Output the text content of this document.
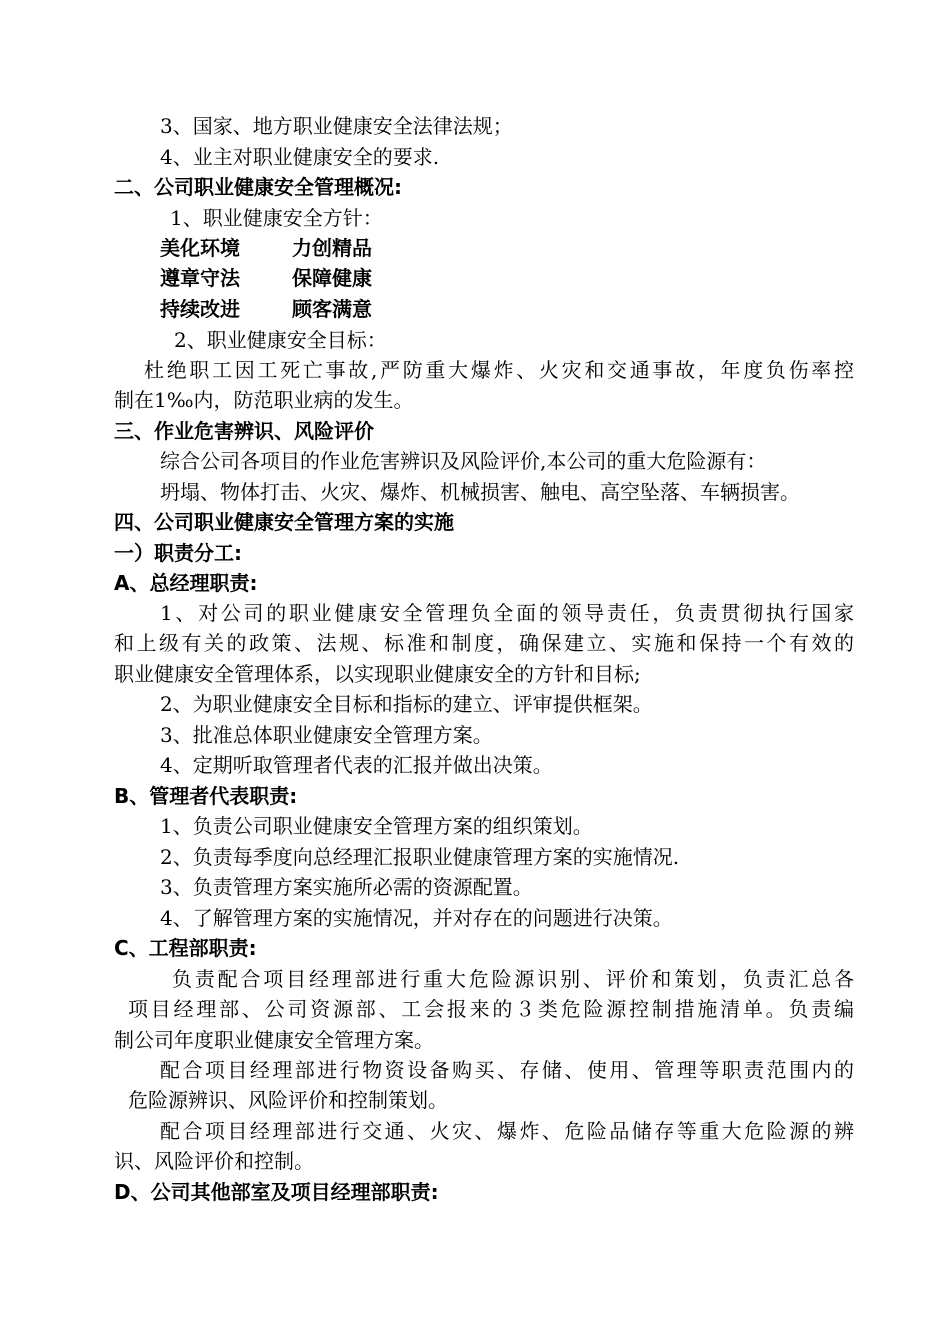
3、国家、地方职业健康安全法律法规；
4、业主对职业健康安全的要求.
二、公司职业健康安全管理概况:
1、职业健康安全方针：
美化环境	力创精品
遵章守法	保障健康
持续改进	顾客满意
2、职业健康安全目标：
杜绝职工因工死亡事故,严防重大爆炸、火灾和交通事故，年度负伤率控
制在1‰内，防范职业病的发生。
三、作业危害辨识、风险评价
综合公司各项目的作业危害辨识及风险评价,本公司的重大危险源有：
坍塌、物体打击、火灾、爆炸、机械损害、触电、高空坠落、车辆损害。
四、公司职业健康安全管理方案的实施
一）职责分工:
A、总经理职责:
1、对公司的职业健康安全管理负全面的领导责任，负责贯彻执行国家
和上级有关的政策、法规、标准和制度，确保建立、实施和保持一个有效的
职业健康安全管理体系，以实现职业健康安全的方针和目标;
2、为职业健康安全目标和指标的建立、评审提供框架。
3、批准总体职业健康安全管理方案。
4、定期听取管理者代表的汇报并做出决策。
B、管理者代表职责:
1、负责公司职业健康安全管理方案的组织策划。
2、负责每季度向总经理汇报职业健康管理方案的实施情况.
3、负责管理方案实施所必需的资源配置。
4、了解管理方案的实施情况，并对存在的问题进行决策。
C、工程部职责:
负责配合项目经理部进行重大危险源识别、评价和策划，负责汇总各
项目经理部、公司资源部、工会报来的３类危险源控制措施清单。负责编
制公司年度职业健康安全管理方案。
配合项目经理部进行物资设备购买、存储、使用、管理等职责范围内的
危险源辨识、风险评价和控制策划。
配合项目经理部进行交通、火灾、爆炸、危险品储存等重大危险源的辨
识、风险评价和控制。
D、公司其他部室及项目经理部职责:
